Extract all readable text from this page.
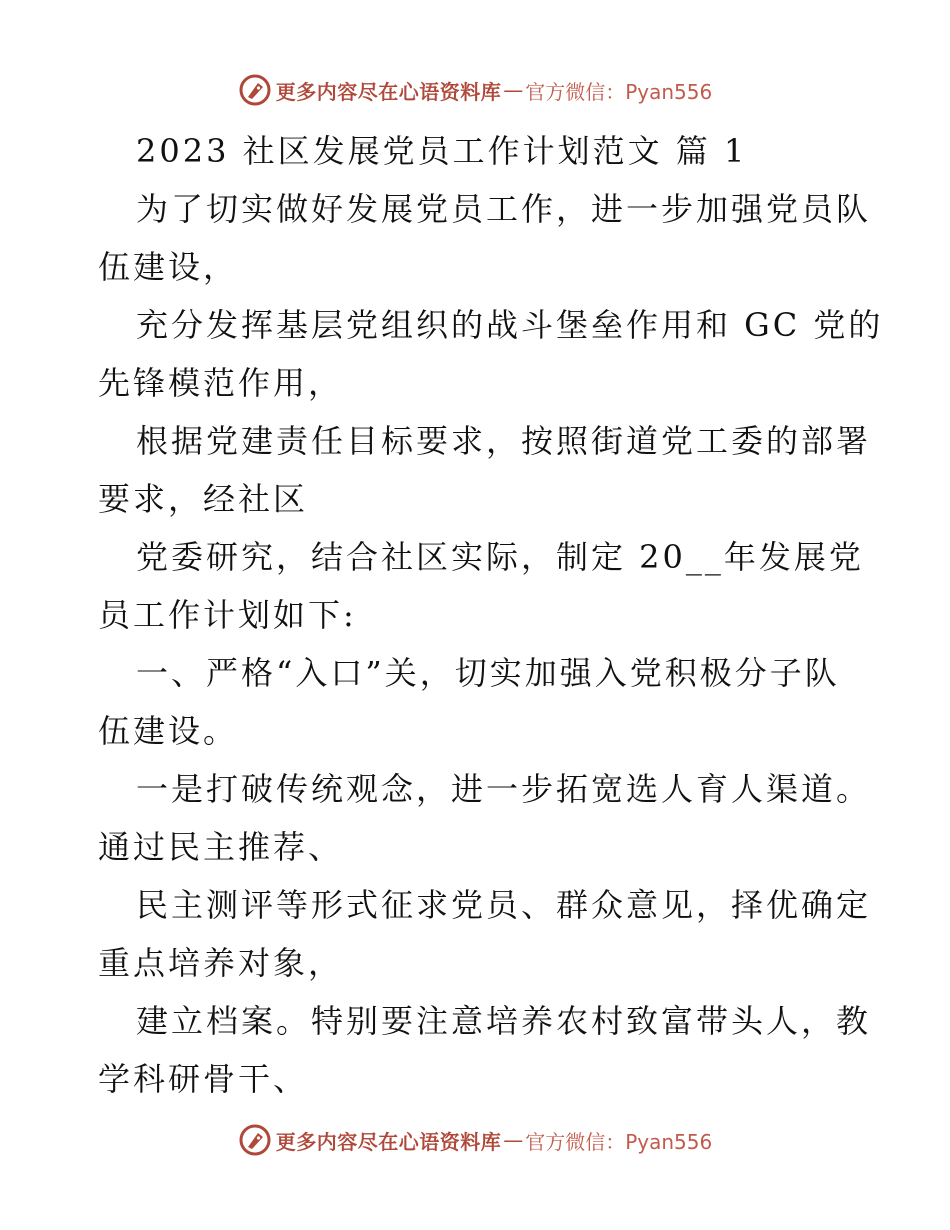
更多内容尽在心语资料库 — 官方微信：Pyan556
2023 社区发展党员工作计划范文 篇 1
为了切实做好发展党员工作，进一步加强党员队
伍建设，
充分发挥基层党组织的战斗堡垒作用和 GC 党的
先锋模范作用，
根据党建责任目标要求，按照街道党工委的部署
要求，经社区
党委研究，结合社区实际，制定 20__年发展党
员工作计划如下:
一、严格“入口”关，切实加强入党积极分子队
伍建设。
一是打破传统观念，进一步拓宽选人育人渠道。
通过民主推荐、
民主测评等形式征求党员、群众意见，择优确定
重点培养对象，
建立档案。特别要注意培养农村致富带头人，教
学科研骨干、
更多内容尽在心语资料库 — 官方微信：Pyan556
